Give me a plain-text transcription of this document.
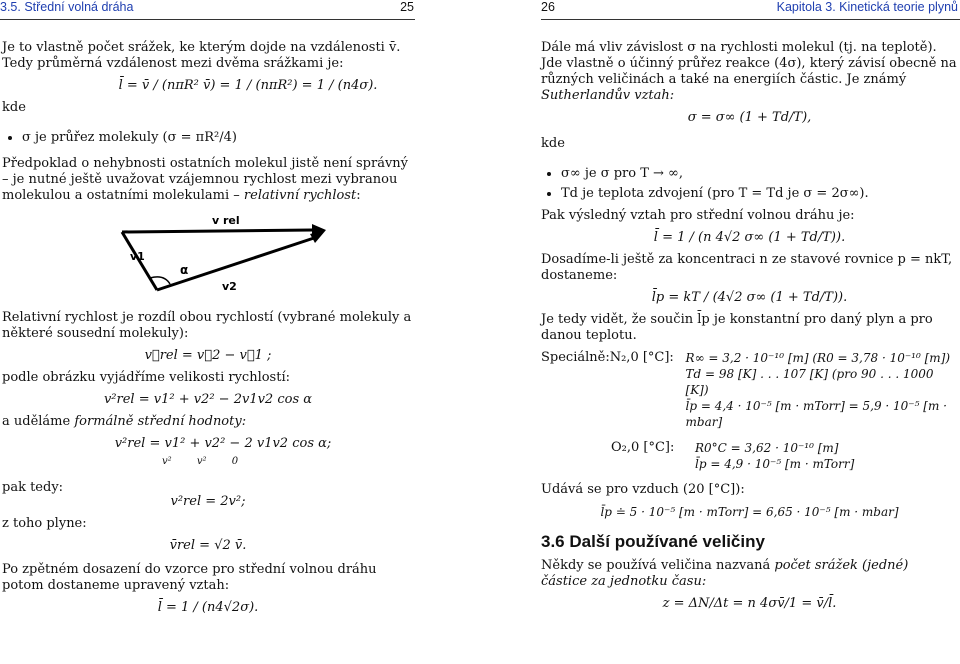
3.5. Střední volná dráha	25	26	Kapitola 3. Kinetická teorie plynů

Je to vlastně počet srážek, ke kterým dojde na vzdálenosti v̄. Tedy průměrná vzdálenost mezi dvěma srážkami je:

l̄ = v̄ / (nπR² v̄) = 1 / (nπR²) = 1 / (n4σ).
kde
• σ je průřez molekuly (σ = πR²/4)

Předpoklad o nehybnosti ostatních molekul jistě není správný – je nutné ještě uvažovat vzájemnou rychlost mezi vybranou molekulou a ostatními molekulami – relativní rychlost:

v rel
v1
α
v2

Relativní rychlost je rozdíl obou rychlostí (vybrané molekuly a některé sousední molekuly):

v⃗rel = v⃗2 − v⃗1 ;

podle obrázku vyjádříme velikosti rychlostí:

v²rel = v1² + v2² − 2v1v2 cos α

a uděláme formálně střední hodnoty:

v²rel = v1² + v2² − 2 v1v2 cos α;
v²	v²	0
pak tedy:
v²rel = 2v²;
z toho plyne:
v̄rel = √2 v̄.

Po zpětném dosazení do vzorce pro střední volnou dráhu potom dostaneme upravený vztah:

l̄ = 1 / (n4√2σ).

Dále má vliv závislost σ na rychlosti molekul (tj. na teplotě). Jde vlastně o účinný průřez reakce (4σ), který závisí obecně na různých veličinách a také na energiích částic. Je známý Sutherlandův vztah:

σ = σ∞ (1 + Td/T),
kde
• σ∞ je σ pro T → ∞,
• Td je teplota zdvojení (pro T = Td je σ = 2σ∞).

Pak výsledný vztah pro střední volnou dráhu je:

l̄ = 1 / (n 4√2 σ∞ (1 + Td/T)).

Dosadíme-li ještě za koncentraci n ze stavové rovnice p = nkT, dostaneme:

l̄p = kT / (4√2 σ∞ (1 + Td/T)).

Je tedy vidět, že součin l̄p je konstantní pro daný plyn a pro danou teplotu.

Speciálně: N₂,0 [°C]: R∞ = 3,2 · 10⁻¹⁰ [m] (R0 = 3,78 · 10⁻¹⁰ [m])
Td = 98 [K] . . . 107 [K] (pro 90 . . . 1000 [K])
l̄p = 4,4 · 10⁻⁵ [m · mTorr] = 5,9 · 10⁻⁵ [m · mbar]
O₂,0 [°C]:	R0°C = 3,62 · 10⁻¹⁰ [m]
l̄p = 4,9 · 10⁻⁵ [m · mTorr]

Udává se pro vzduch (20 [°C]):

l̄p ≐ 5 · 10⁻⁵ [m · mTorr] = 6,65 · 10⁻⁵ [m · mbar]
3.6 Další používané veličiny

Někdy se používá veličina nazvaná počet srážek (jedné) částice za jednotku času:

z = ΔN/Δt = n 4σv̄/1 = v̄/l̄.
